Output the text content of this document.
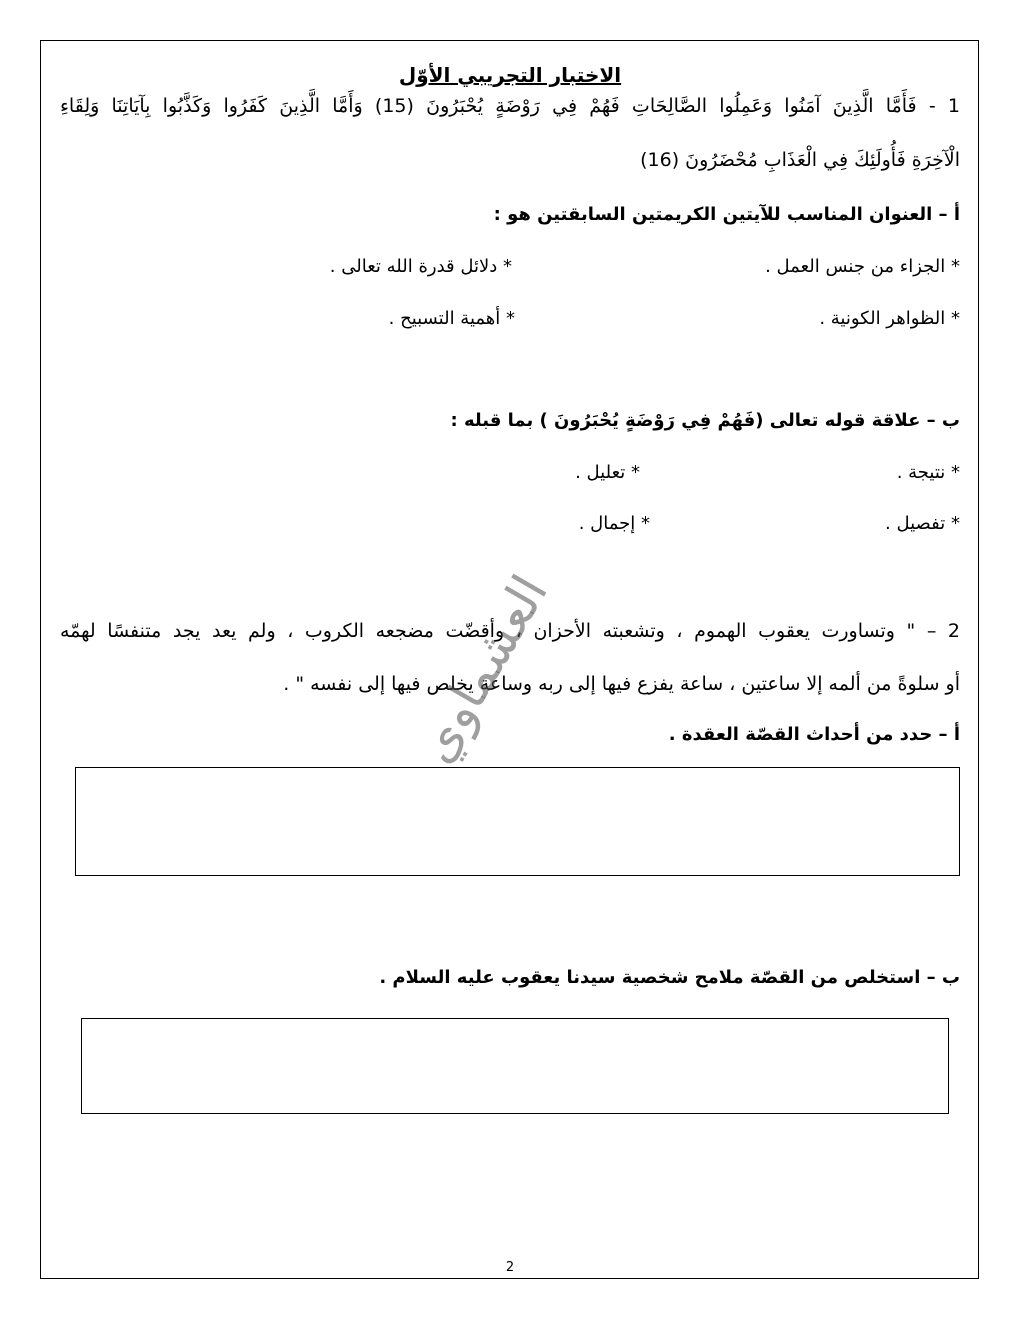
الاختبار التجريبي الأوّل
1 - فَأَمَّا الَّذِينَ آمَنُوا وَعَمِلُوا الصَّالِحَاتِ فَهُمْ فِي رَوْضَةٍ يُحْبَرُونَ (15) وَأَمَّا الَّذِينَ كَفَرُوا وَكَذَّبُوا بِآيَاتِنَا وَلِقَاءِ
الْآخِرَةِ فَأُولَئِكَ فِي الْعَذَابِ مُحْضَرُونَ (16)
أ – العنوان المناسب للآيتين الكريمتين السابقتين هو :
* الجزاء من جنس العمل .
* دلائل قدرة الله تعالى .
* الظواهر الكونية .
* أهمية التسبيح .
ب – علاقة قوله تعالى (فَهُمْ فِي رَوْضَةٍ يُحْبَرُونَ ) بما قبله :
* نتيجة .
* تعليل .
* تفصيل .
* إجمال .
2 – " وتساورت يعقوب الهموم ، وتشعبته الأحزان ، وأقضّت مضجعه الكروب ، ولم يعد يجد متنفسًا لهمّه
أو سلوةً من ألمه إلا ساعتين ، ساعة يفزع فيها إلى ربه وساعة يخلص فيها إلى نفسه " .
أ – حدد من أحداث القصّة العقدة .
ب – استخلص من القصّة ملامح شخصية سيدنا يعقوب عليه السلام .
العشماوي
2
